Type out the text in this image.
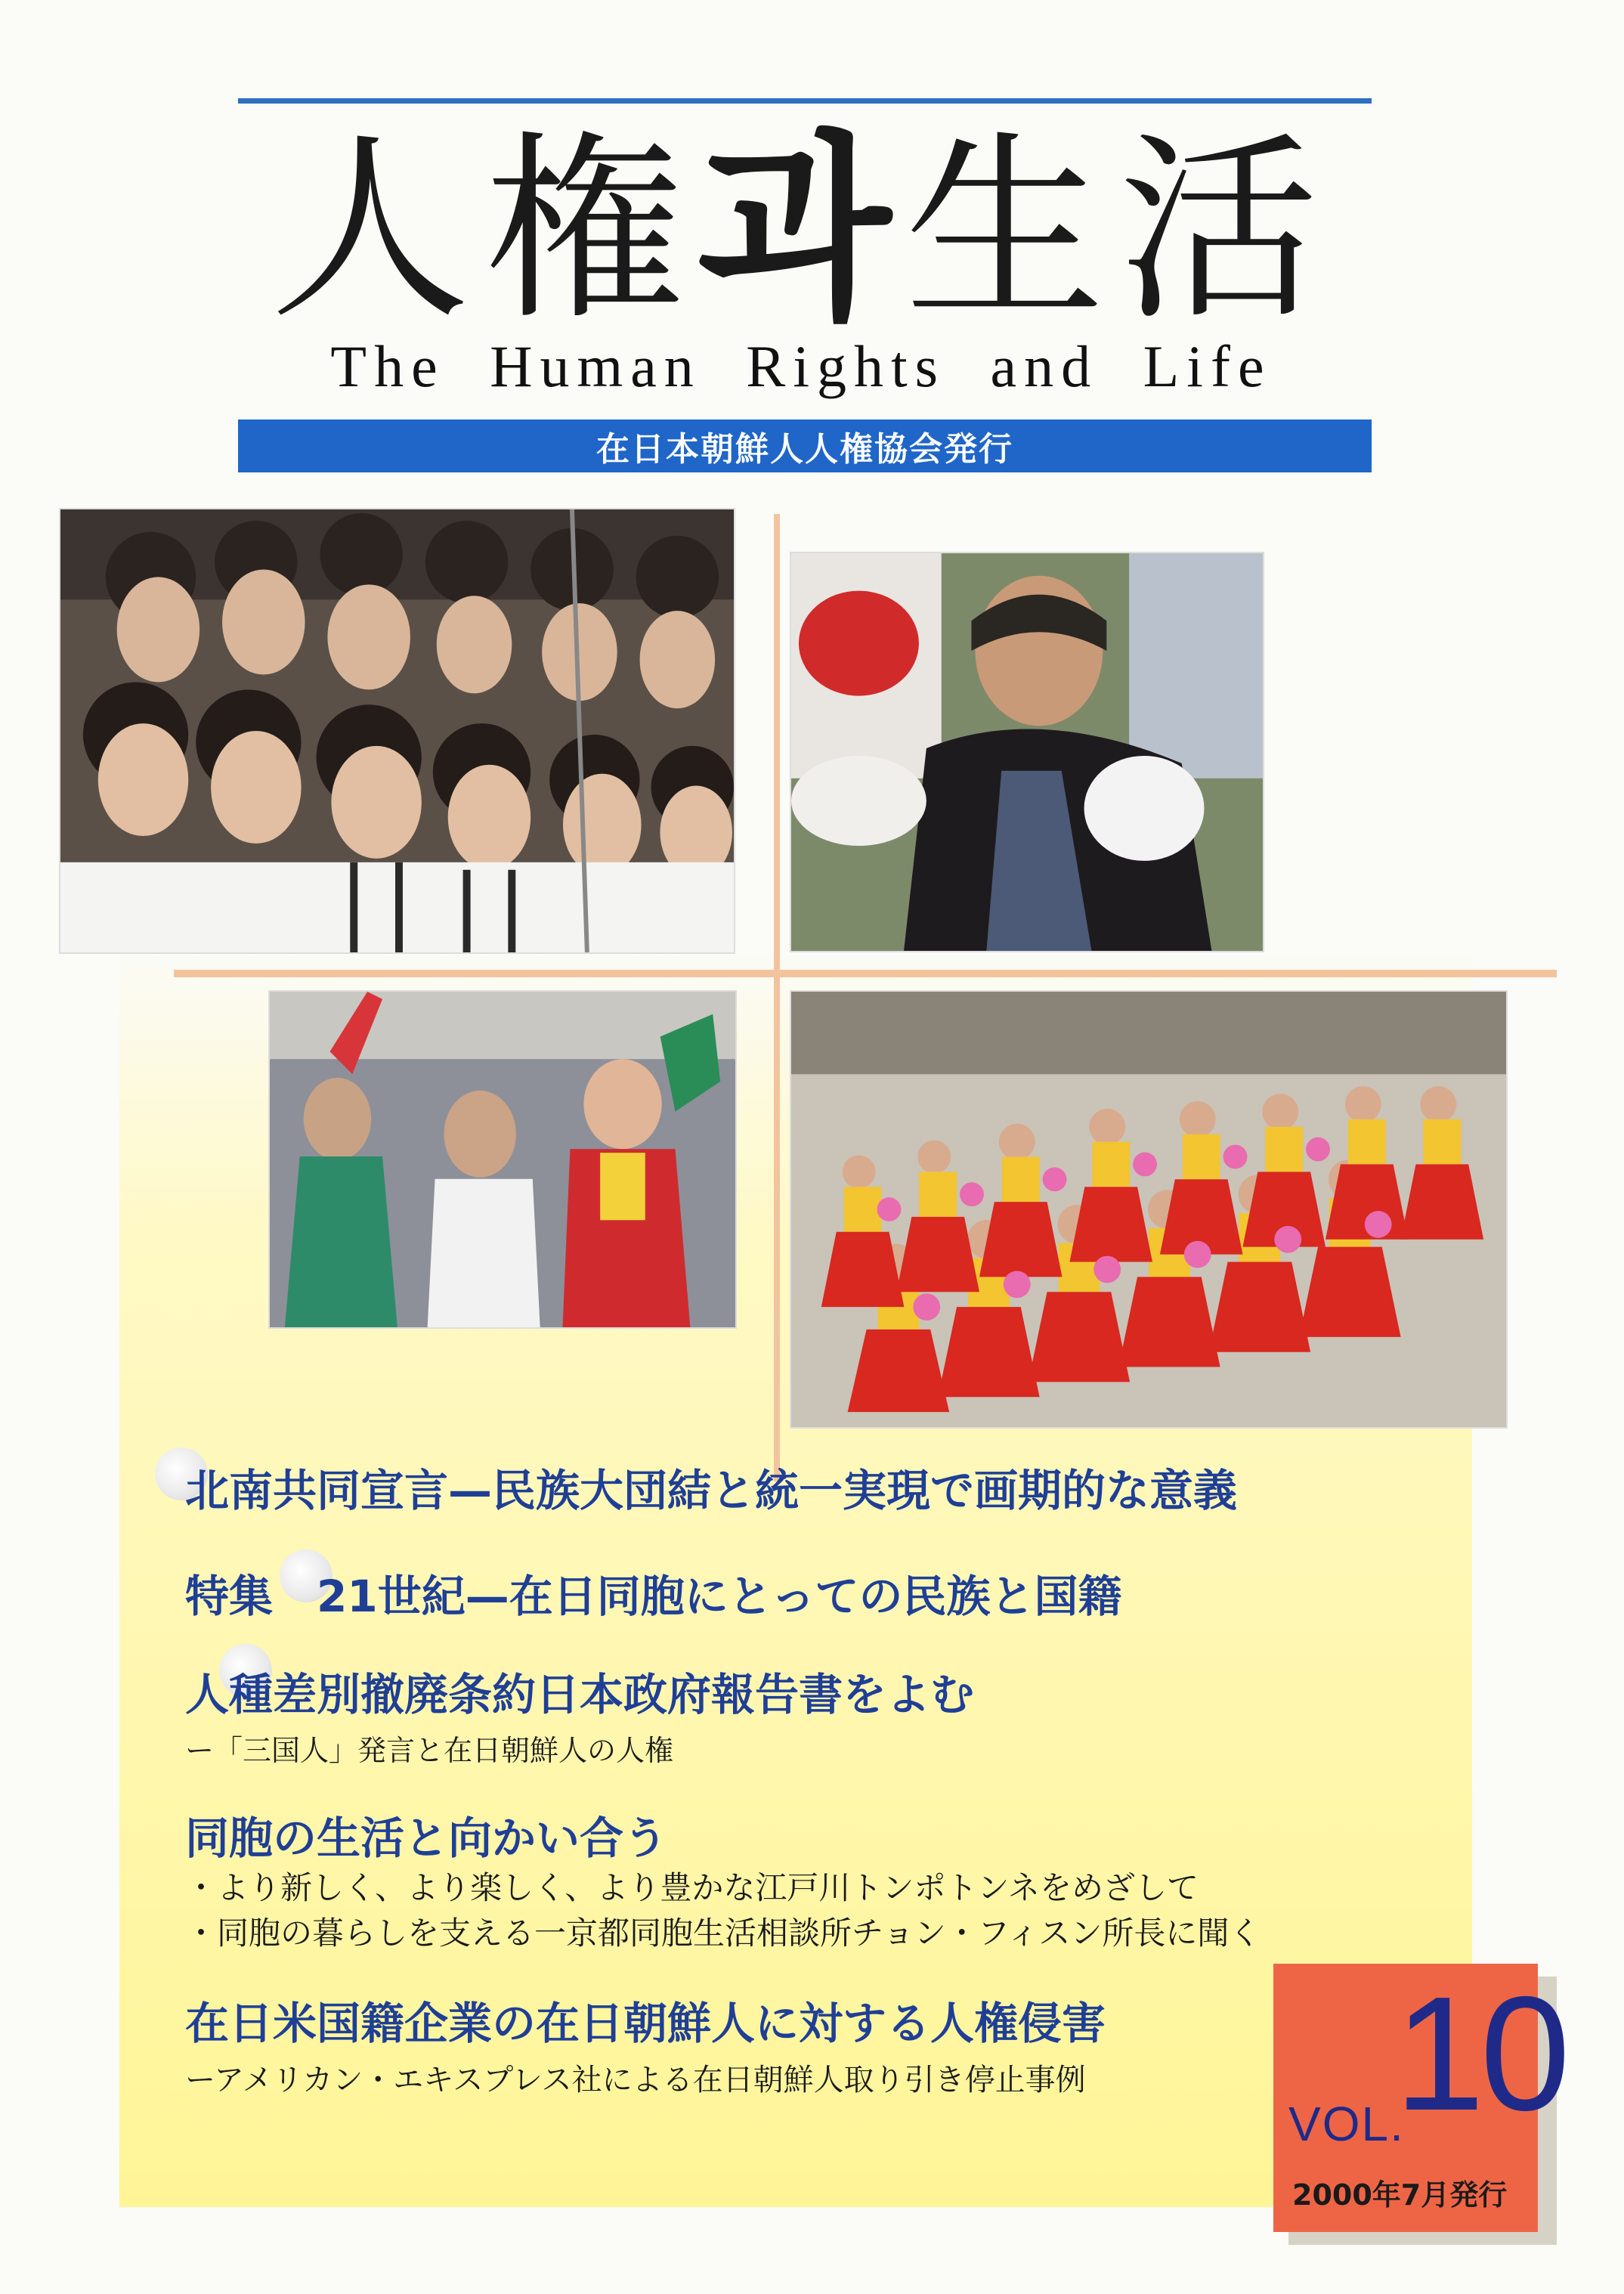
人権과生活
The Human Rights and Life
在日本朝鮮人人権協会発行
北南共同宣言—民族大団結と統一実現で画期的な意義
特集　21世紀—在日同胞にとっての民族と国籍
人種差別撤廃条約日本政府報告書をよむ
ー「三国人」発言と在日朝鮮人の人権
同胞の生活と向かい合う
・より新しく、より楽しく、より豊かな江戸川トンポトンネをめざして
・同胞の暮らしを支える一京都同胞生活相談所チョン・フィスン所長に聞く
在日米国籍企業の在日朝鮮人に対する人権侵害
ーアメリカン・エキスプレス社による在日朝鮮人取り引き停止事例 10
VOL.
2000年7月発行
